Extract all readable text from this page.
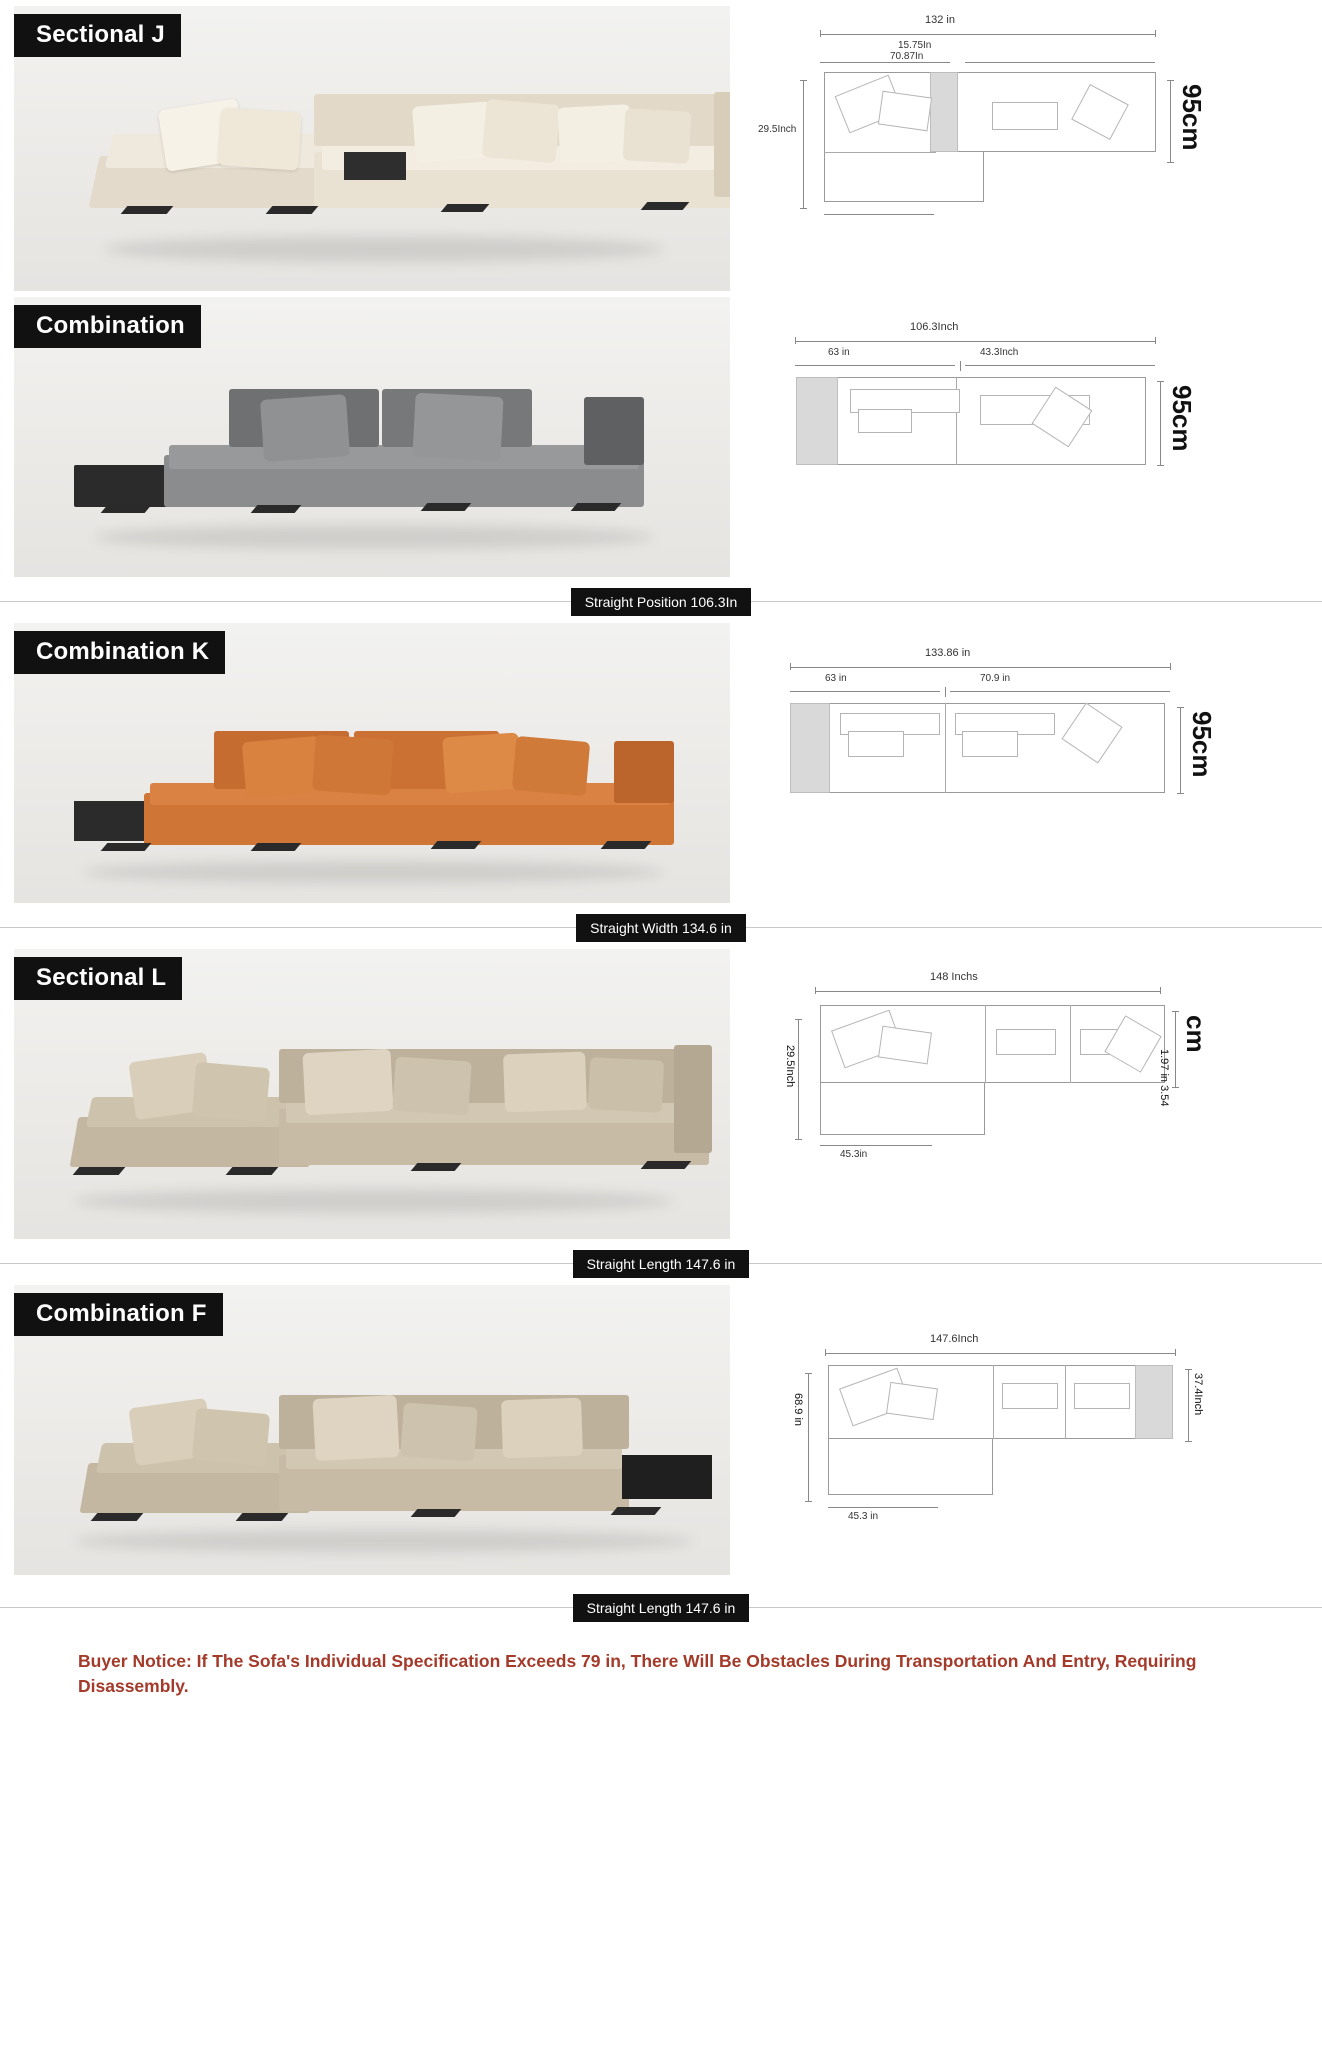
Sectional J
132 in
15.75In
70.87In
29.5Inch	95cm
Combination	106.3Inch
63 in	43.3Inch
95cm
Straight Position 106.3In
Combination K	133.86 in
63 in	70.9 in
95cm
Straight Width 134.6 in
Sectional L	148 Inchs
29.5Inch
cm
1.97 in 3.54
45.3in
Straight Length 147.6 in
Combination F
147.6Inch
68.9 in	37.4Inch
45.3 in
Straight Length 147.6 in
Buyer Notice: If The Sofa's Individual Specification Exceeds 79 in, There Will Be Obstacles During Transportation And Entry, Requiring Disassembly.
